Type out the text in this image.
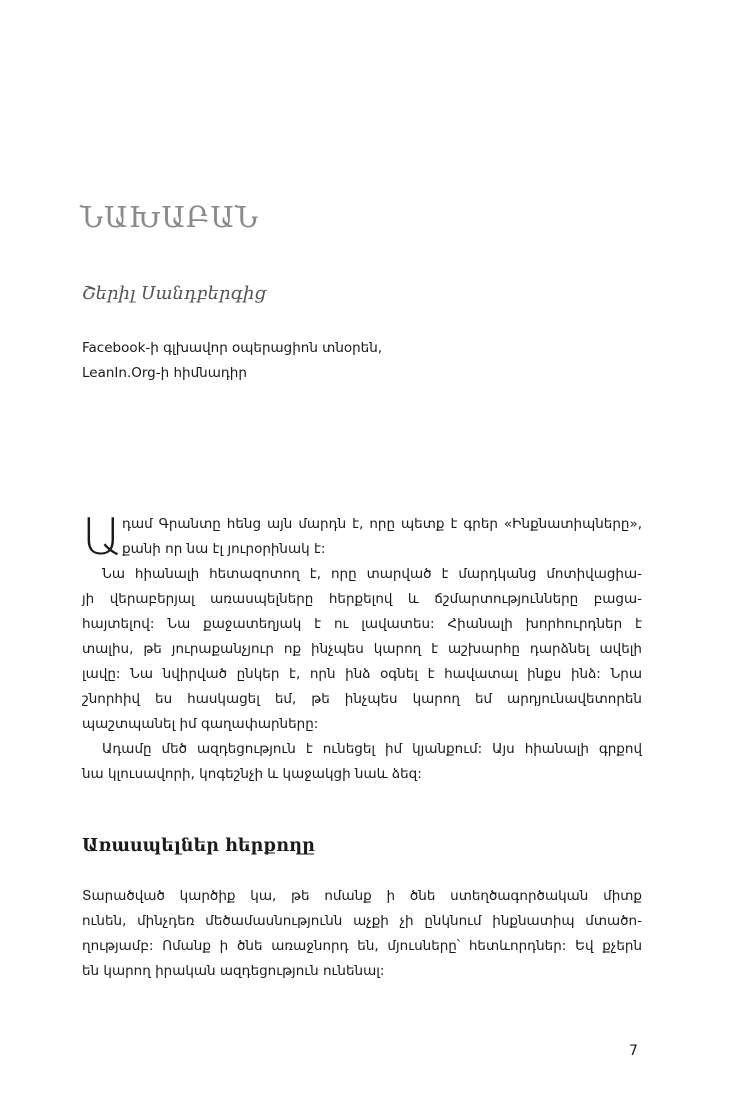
ՆԱԽԱԲԱՆ

Շերիլ Սանդբերգից

Facebook-ի գլխավոր օպերացիոն տնօրեն,
LeanIn.Org-ի հիմնադիր
Ա դամ Գրանտը հենց այն մարդն է, որը պետք է գրեր «Ինքնատիպները»,
քանի որ նա էլ յուրօրինակ է:
Նա հիանալի հետազոտող է, որը տարված է մարդկանց մոտիվացիա-
յի վերաբերյալ առասպելները հերքելով և ճշմարտությունները բացա-
հայտելով: Նա քաջատեղյակ է ու լավատես: Հիանալի խորհուրդներ է
տալիս, թե յուրաքանչյուր ոք ինչպես կարող է աշխարհը դարձնել ավելի
լավը: Նա նվիրված ընկեր է, որն ինձ օգնել է հավատալ ինքս ինձ: Նրա
շնորհիվ ես հասկացել եմ, թե ինչպես կարող եմ արդյունավետորեն
պաշտպանել իմ գաղափարները:
Ադամը մեծ ազդեցություն է ունեցել իմ կյանքում: Այս հիանալի գրքով
նա կլուսավորի, կոգեշնչի և կաջակցի նաև ձեզ:
Առասպելներ հերքողը
Տարածված կարծիք կա, թե ոմանք ի ծնե ստեղծագործական միտք
ունեն, մինչդեռ մեծամասնությունն աչքի չի ընկնում ինքնատիպ մտածո-
ղությամբ: Ոմանք ի ծնե առաջնորդ են, մյուսները՝ հետևորդներ: Եվ քչերն
են կարող իրական ազդեցություն ունենալ:
7
